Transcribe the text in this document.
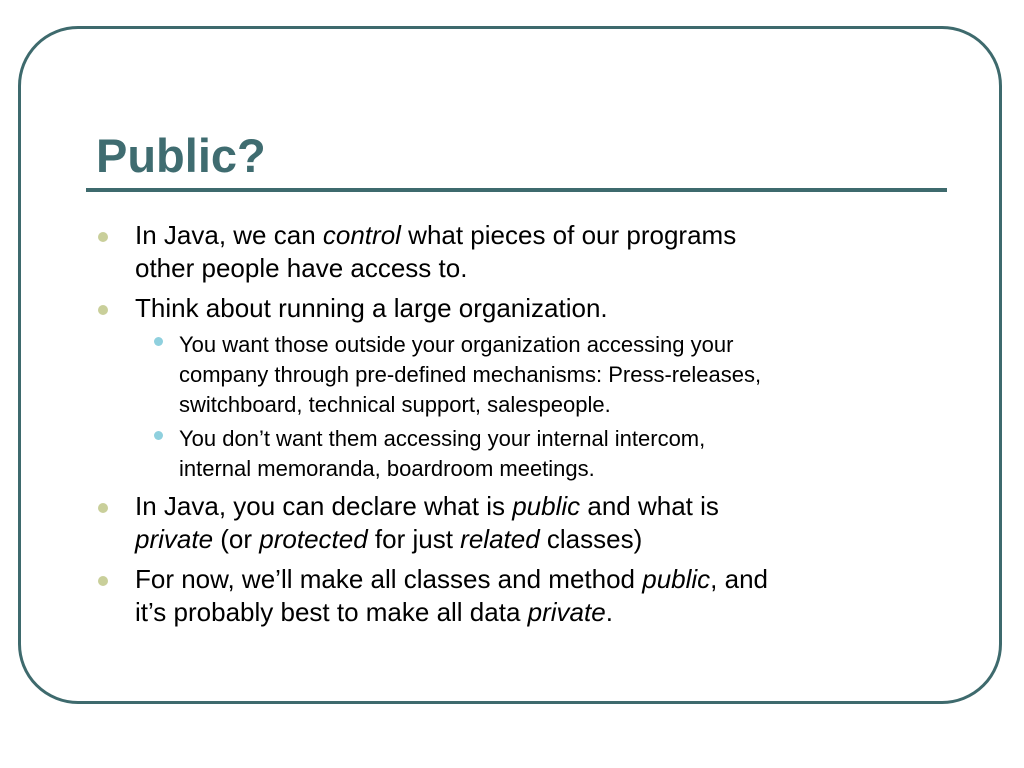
Public?
In Java, we can control what pieces of our programs
other people have access to.
Think about running a large organization.
You want those outside your organization accessing your
company through pre-defined mechanisms: Press-releases,
switchboard, technical support, salespeople.
You don’t want them accessing your internal intercom,
internal memoranda, boardroom meetings.
In Java, you can declare what is public and what is
private (or protected for just related classes)
For now, we’ll make all classes and method public, and
it’s probably best to make all data private.
